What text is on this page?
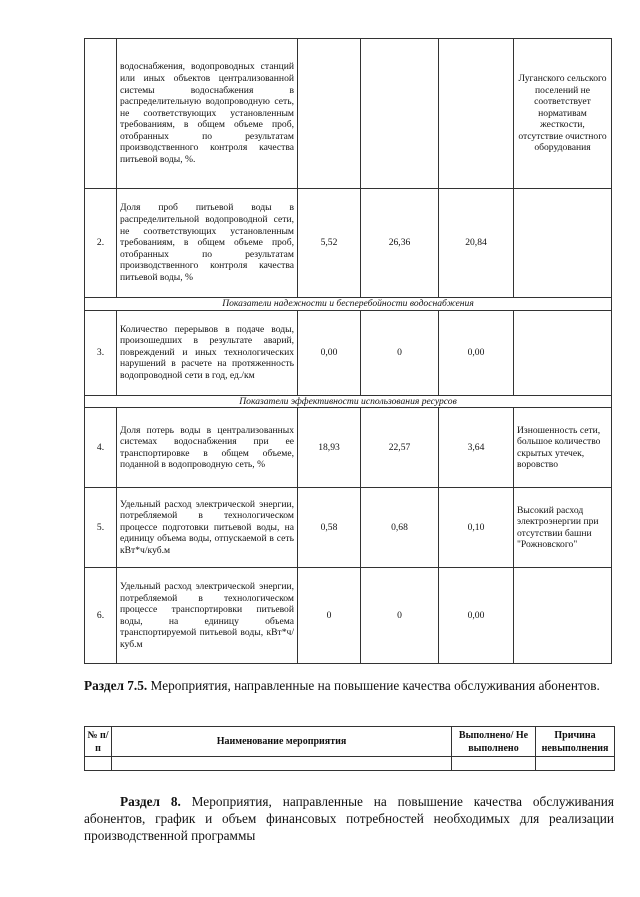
	водоснабжения, водопроводных станций или иных объектов централизованной системы водоснабжения в распределительную водопроводную сеть, не соответствующих установленным требованиям, в общем объеме проб, отобранных по результатам производственного контроля качества питьевой воды, %.				Луганского сельского поселений не соответствует нормативам жесткости, отсутствие очистного оборудования
2.	Доля проб питьевой воды в распределительной водопроводной сети, не соответствующих установленным требованиям, в общем объеме проб, отобранных по результатам производственного контроля качества питьевой воды, %	5,52	26,36	20,84	
Показатели надежности и бесперебойности водоснабжения					
3.	Количество перерывов в подаче воды, произошедших в результате аварий, повреждений и иных технологических нарушений в расчете на протяженность водопроводной сети в год, ед./км	0,00	0	0,00	
Показатели эффективности использования ресурсов					
4.	Доля потерь воды в централизованных системах водоснабжения при ее транспортировке в общем объеме, поданной в водопроводную сеть, %	18,93	22,57	3,64	Изношенность сети, большое количество скрытых утечек, воровство
5.	Удельный расход электрической энергии, потребляемой в технологическом процессе подготовки питьевой воды, на единицу объема воды, отпускаемой в сеть кВт*ч/куб.м	0,58	0,68	0,10	Высокий расход электроэнергии при отсутствии башни "Рожновского"
6.	Удельный расход электрической энергии, потребляемой в технологическом процессе транспортировки питьевой воды, на единицу объема транспортируемой питьевой воды, кВт*ч/куб.м	0	0	0,00	
Раздел 7.5. Мероприятия, направленные на повышение качества обслуживания абонентов.
№ п/п	Наименование мероприятия	Выполнено/ Не выполнено	Причина невыполнения

Раздел 8. Мероприятия, направленные на повышение качества обслуживания абонентов, график и объем финансовых потребностей необходимых для реализации производственной программы
